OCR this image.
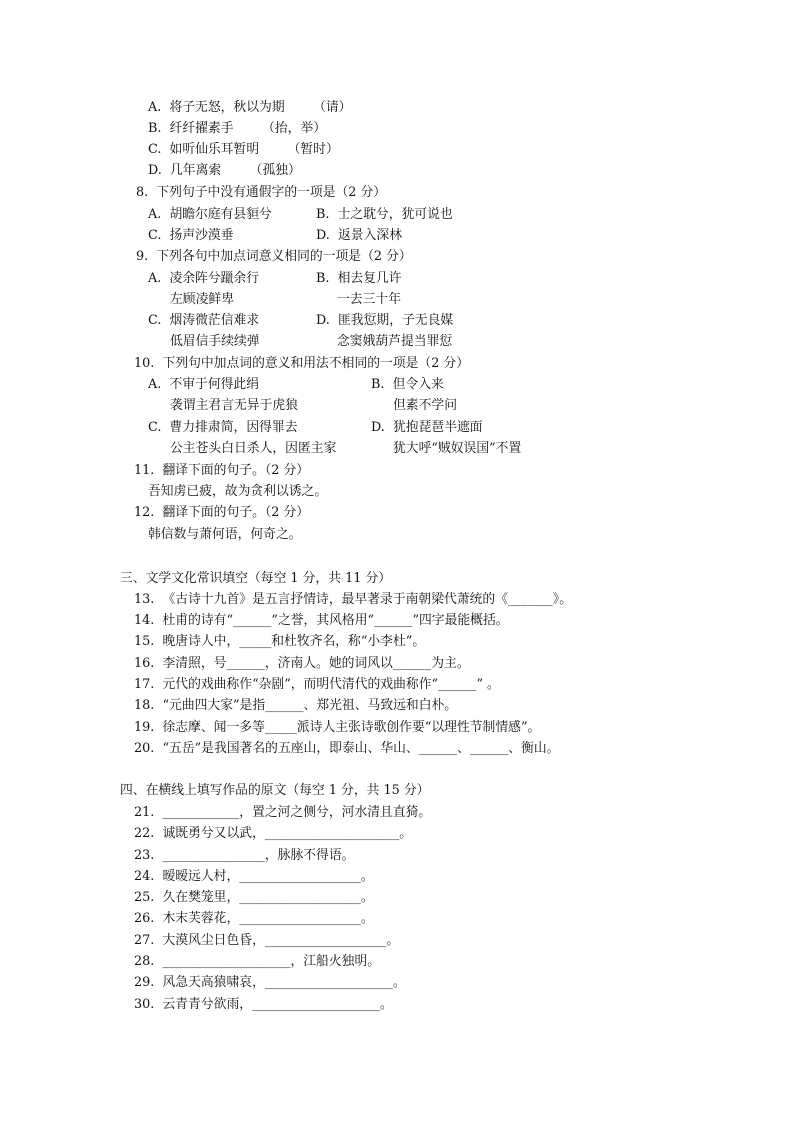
A.  将子无怒，秋以为期       （请）
B.  纤纤擢素手       （抬，举）
C.  如听仙乐耳暂明       （暂时）
D.  几年离索       （孤独）
8.  下列句子中没有通假字的一项是（2 分）
A.  胡瞻尔庭有县貆兮	B.  士之耽兮，犹可说也
C.  扬声沙漠垂	D.  返景入深林
9.  下列各句中加点词意义相同的一项是（2 分）
A.  凌余阵兮躐余行	B.  相去复几许
左顾凌鲜卑	一去三十年
C.  烟涛微茫信难求	D.  匪我愆期，子无良媒
低眉信手续续弹	念窦娥葫芦提当罪愆
10.  下列句中加点词的意义和用法不相同的一项是（2 分）
A.  不审于何得此绢	B.  但令入来
袭谓主君言无异于虎狼	但素不学问
C.  曹力排肃简，因得罪去	D.  犹抱琵琶半遮面
公主苍头白日杀人，因匿主家	犹大呼“贼奴误国”不置
11.  翻译下面的句子。（2 分）
吾知虏已疲，故为贪利以诱之。
12.  翻译下面的句子。（2 分）
韩信数与萧何语，何奇之。
三、文学文化常识填空（每空 1 分，共 11 分）
13.  《古诗十九首》是五言抒情诗，最早著录于南朝梁代萧统的《_______》。
14.  杜甫的诗有“______”之誉，其风格用“______”四字最能概括。
15.  晚唐诗人中，_____和杜牧齐名，称“小李杜”。
16.  李清照，号______，济南人。她的词风以______为主。
17.  元代的戏曲称作“杂剧”，而明代清代的戏曲称作“______” 。
18.  “元曲四大家”是指______、郑光祖、马致远和白朴。
19.  徐志摩、闻一多等_____派诗人主张诗歌创作要“以理性节制情感”。
20.  “五岳”是我国著名的五座山，即泰山、华山、______、______、衡山。
四、在横线上填写作品的原文（每空 1 分，共 15 分）
21.  ____________，置之河之侧兮，河水清且直猗。
22.  诚既勇兮又以武，_____________________。
23.  ________________，脉脉不得语。
24.  暧暧远人村，___________________。
25.  久在樊笼里，___________________。
26.  木末芙蓉花，___________________。
27.  大漠风尘日色昏，___________________。
28.  ____________________，江船火独明。
29.  风急天高猿啸哀，____________________。
30.  云青青兮欲雨，____________________。
